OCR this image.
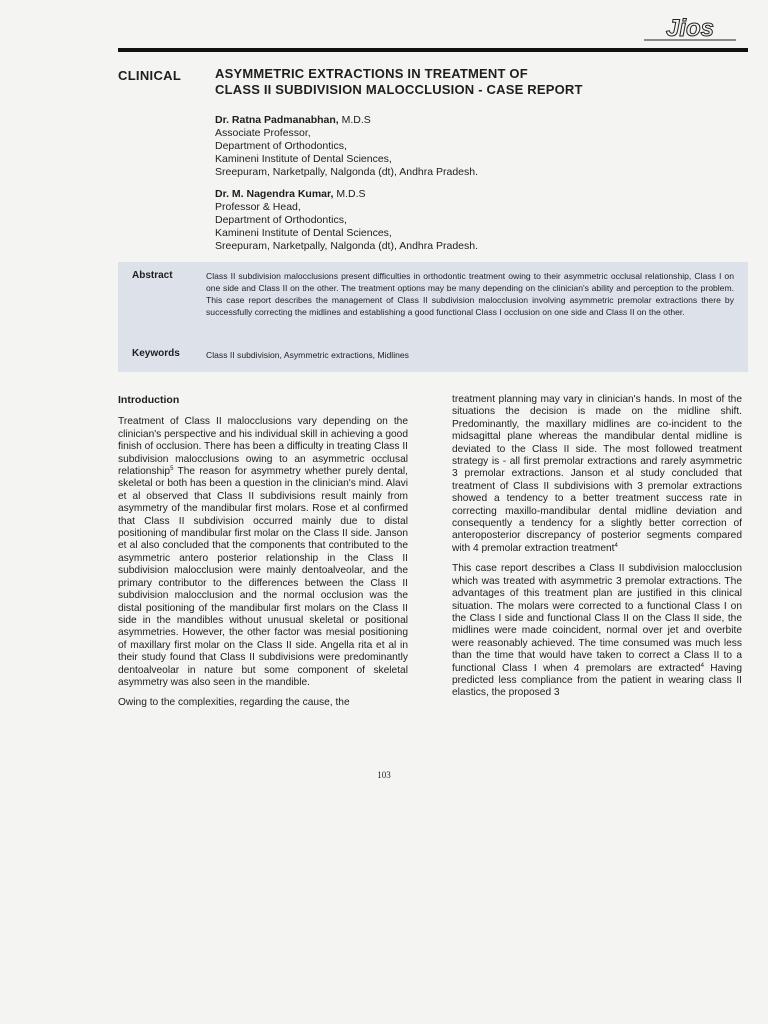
Jios
CLINICAL	ASYMMETRIC EXTRACTIONS IN TREATMENT OF
CLASS II SUBDIVISION MALOCCLUSION - CASE REPORT
Dr. Ratna Padmanabhan, M.D.S
Associate Professor,
Department of Orthodontics,
Kamineni Institute of Dental Sciences,
Sreepuram, Narketpally, Nalgonda (dt), Andhra Pradesh.
Dr. M. Nagendra Kumar, M.D.S
Professor & Head,
Department of Orthodontics,
Kamineni Institute of Dental Sciences,
Sreepuram, Narketpally, Nalgonda (dt), Andhra Pradesh.
Abstract	Class II subdivision malocclusions present difficulties in orthodontic treatment owing to their asymmetric occlusal relationship, Class I on one side and Class II on the other. The treatment options may be many depending on the clinician's ability and perception to the problem. This case report describes the management of Class II subdivision malocclusion involving asymmetric premolar extractions there by successfully correcting the midlines and establishing a good functional Class I occlusion on one side and Class II on the other.
Keywords	Class II subdivision, Asymmetric extractions, Midlines
Introduction

Treatment of Class II malocclusions vary depending on the clinician's perspective and his individual skill in achieving a good finish of occlusion. There has been a difficulty in treating Class II subdivision malocclusions owing to an asymmetric occlusal relationship$^5$ The reason for asymmetry whether purely dental, skeletal or both has been a question in the clinician's mind. Alavi et al observed that Class II subdivisions result mainly from asymmetry of the mandibular first molars. Rose et al confirmed that Class II subdivision occurred mainly due to distal positioning of mandibular first molar on the Class II side. Janson et al also concluded that the components that contributed to the asymmetric antero posterior relationship in the Class II subdivision malocclusion were mainly dentoalveolar, and the primary contributor to the differences between the Class II subdivision malocclusion and the normal occlusion was the distal positioning of the mandibular first molars on the Class II side in the mandibles without unusual skeletal or positional asymmetries. However, the other factor was mesial positioning of maxillary first molar on the Class II side. Angella rita et al in their study found that Class II subdivisions were predominantly dentoalveolar in nature but some component of skeletal asymmetry was also seen in the mandible.

Owing to the complexities, regarding the cause, the

treatment planning may vary in clinician's hands. In most of the situations the decision is made on the midline shift. Predominantly, the maxillary midlines are co-incident to the midsagittal plane whereas the mandibular dental midline is deviated to the Class II side. The most followed treatment strategy is - all first premolar extractions and rarely asymmetric 3 premolar extractions. Janson et al study concluded that treatment of Class II subdivisions with 3 premolar extractions showed a tendency to a better treatment success rate in correcting maxillo-mandibular dental midline deviation and consequently a tendency for a slightly better correction of anteroposterior discrepancy of posterior segments compared with 4 premolar extraction treatment$^4$

This case report describes a Class II subdivision malocclusion which was treated with asymmetric 3 premolar extractions. The advantages of this treatment plan are justified in this clinical situation. The molars were corrected to a functional Class I on the Class I side and functional Class II on the Class II side, the midlines were made coincident, normal over jet and overbite were reasonably achieved. The time consumed was much less than the time that would have taken to correct a Class II to a functional Class I when 4 premolars are extracted$^4$ Having predicted less compliance from the patient in wearing class II elastics, the proposed 3

103
